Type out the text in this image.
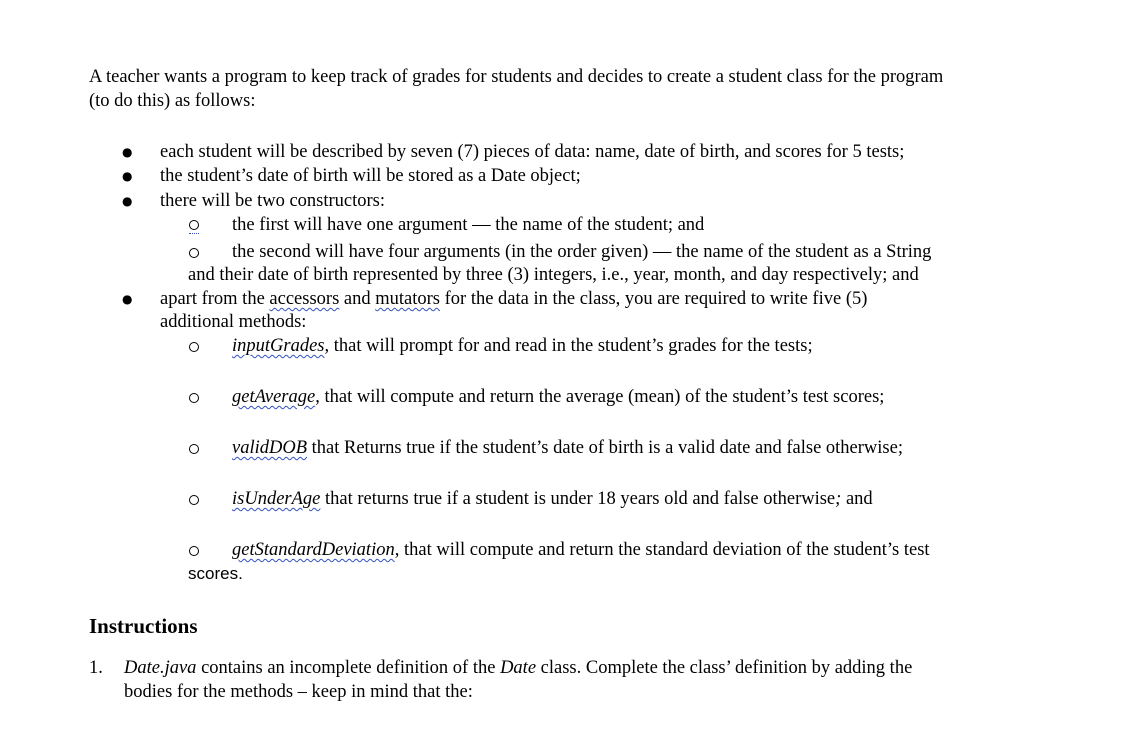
A teacher wants a program to keep track of grades for students and decides to create a student class for the program
(to do this) as follows:
● each student will be described by seven (7) pieces of data: name, date of birth, and scores for 5 tests;
● the student’s date of birth will be stored as a Date object;
● there will be two constructors:
the first will have one argument — the name of the student; and
the second will have four arguments (in the order given) — the name of the student as a String
and their date of birth represented by three (3) integers, i.e., year, month, and day respectively; and
● apart from the accessors and mutators for the data in the class, you are required to write five (5)
additional methods:
inputGrades, that will prompt for and read in the student’s grades for the tests;
getAverage, that will compute and return the average (mean) of the student’s test scores;
validDOB that Returns true if the student’s date of birth is a valid date and false otherwise;
isUnderAge that returns true if a student is under 18 years old and false otherwise; and
getStandardDeviation, that will compute and return the standard deviation of the student’s test
scores.
Instructions
1. Date.java contains an incomplete definition of the Date class. Complete the class’ definition by adding the
bodies for the methods – keep in mind that the:
